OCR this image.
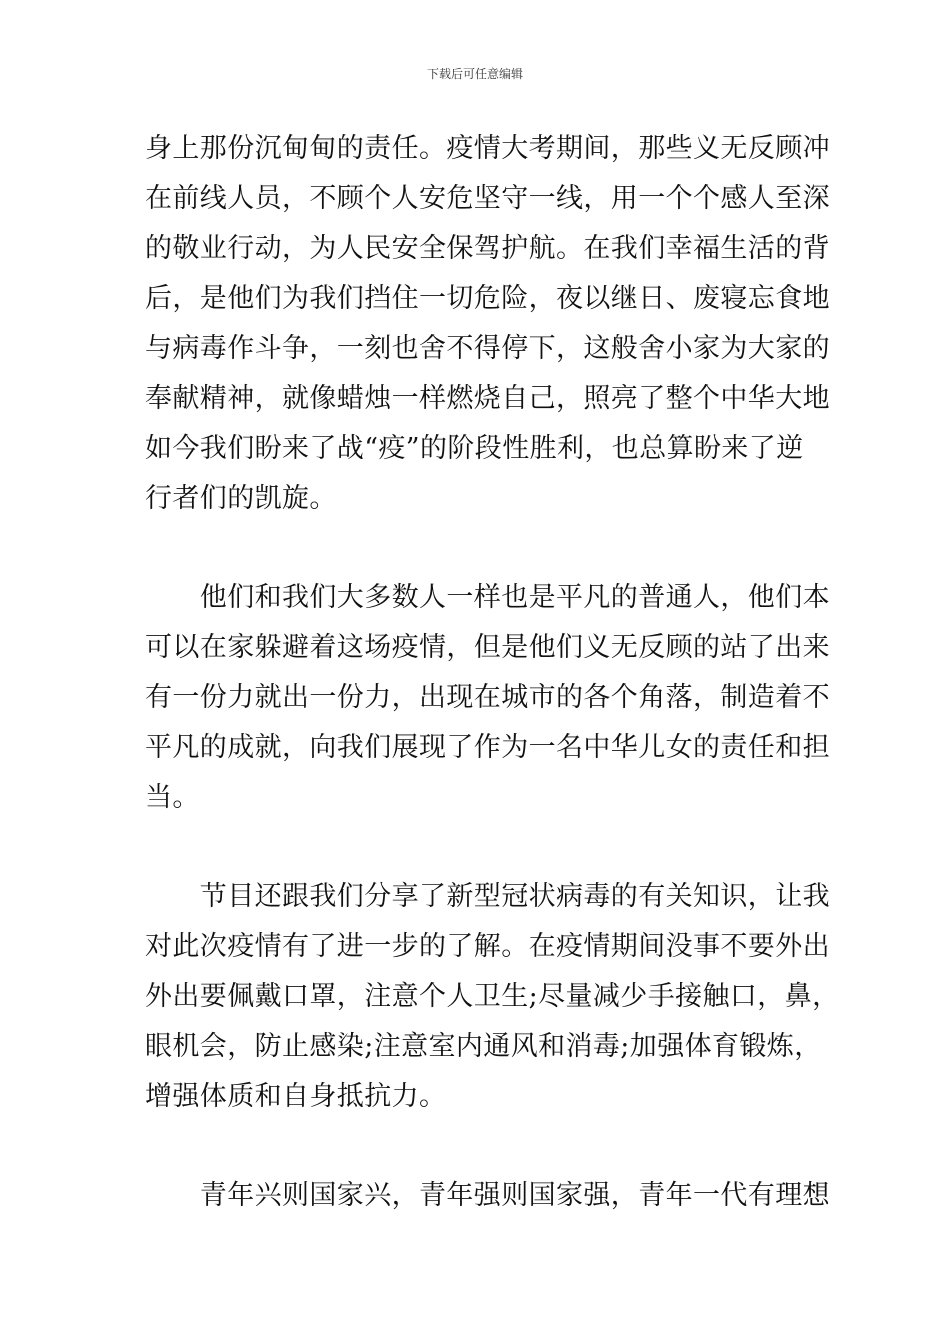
下载后可任意编辑
身上那份沉甸甸的责任。疫情大考期间，那些义无反顾冲
在前线人员，不顾个人安危坚守一线，用一个个感人至深
的敬业行动，为人民安全保驾护航。在我们幸福生活的背
后，是他们为我们挡住一切危险，夜以继日、废寝忘食地
与病毒作斗争，一刻也舍不得停下，这般舍小家为大家的
奉献精神，就像蜡烛一样燃烧自己，照亮了整个中华大地
如今我们盼来了战“疫”的阶段性胜利，也总算盼来了逆
行者们的凯旋。
　　他们和我们大多数人一样也是平凡的普通人，他们本
可以在家躲避着这场疫情，但是他们义无反顾的站了出来
有一份力就出一份力，出现在城市的各个角落，制造着不
平凡的成就，向我们展现了作为一名中华儿女的责任和担
当。
　　节目还跟我们分享了新型冠状病毒的有关知识，让我
对此次疫情有了进一步的了解。在疫情期间没事不要外出
外出要佩戴口罩，注意个人卫生;尽量减少手接触口，鼻，
眼机会，防止感染;注意室内通风和消毒;加强体育锻炼，
增强体质和自身抵抗力。
　　青年兴则国家兴，青年强则国家强，青年一代有理想
